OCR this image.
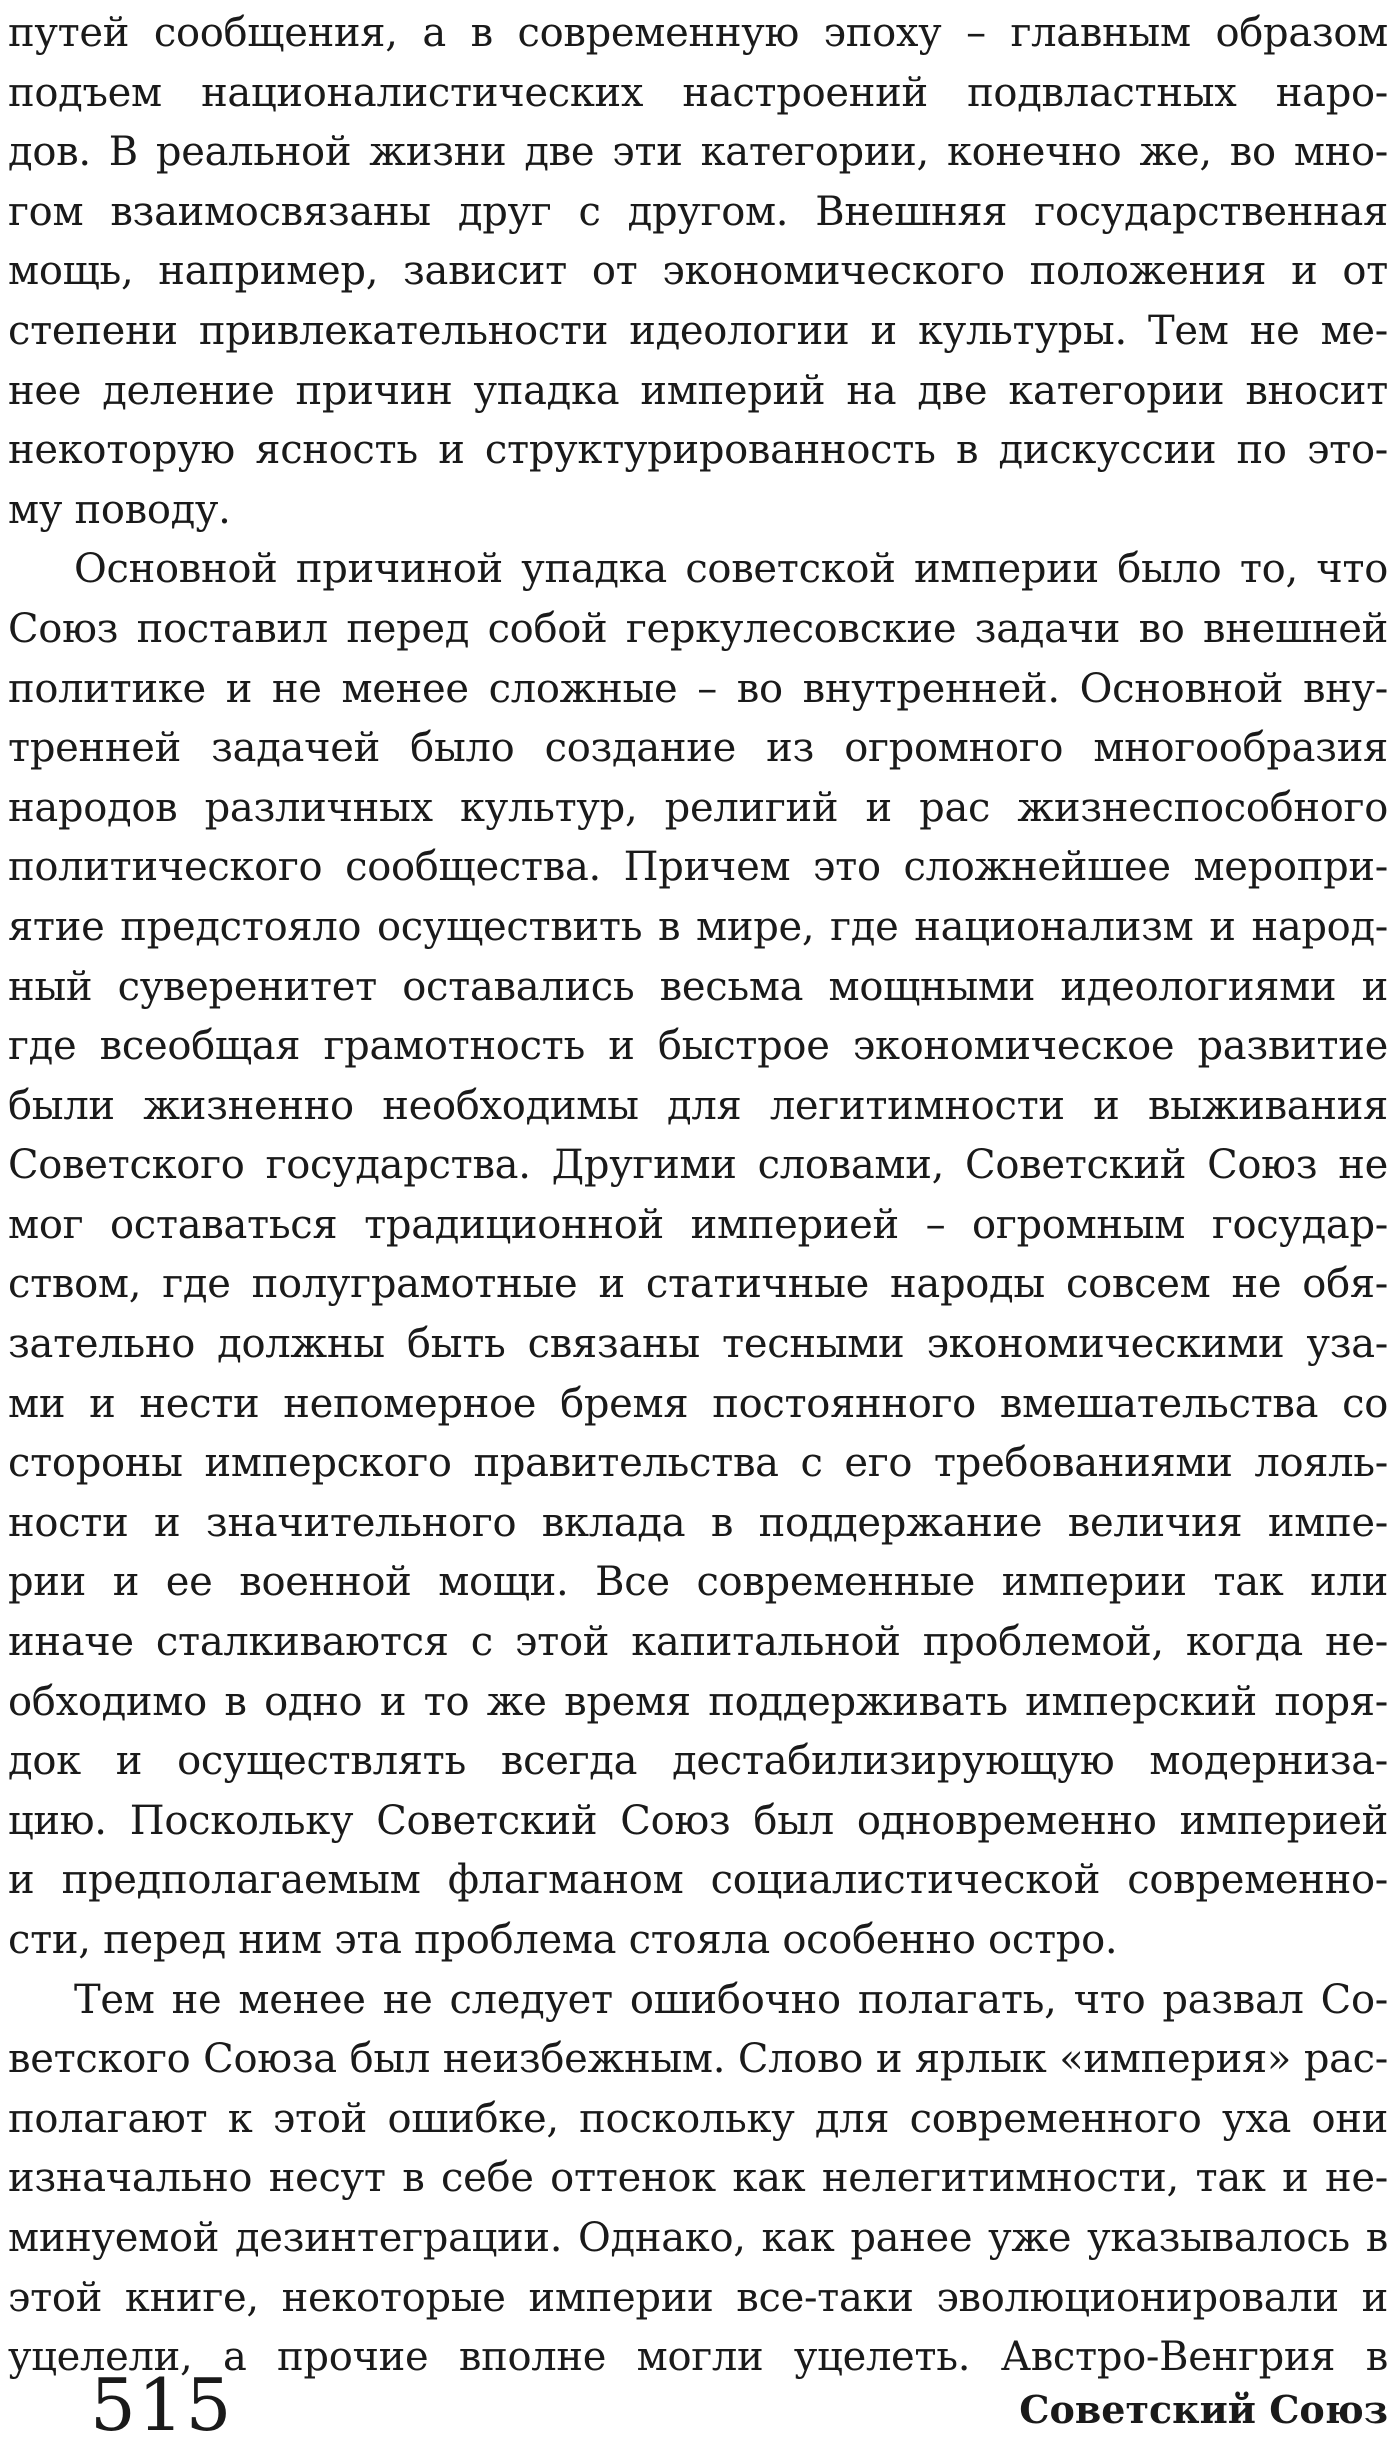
путей сообщения, а в современную эпоху – главным образом
подъем националистических настроений подвластных наро-
дов. В реальной жизни две эти категории, конечно же, во мно-
гом взаимосвязаны друг с другом. Внешняя государственная
мощь, например, зависит от экономического положения и от
степени привлекательности идеологии и культуры. Тем не ме-
нее деление причин упадка империй на две категории вносит
некоторую ясность и структурированность в дискуссии по это-
му поводу.
Основной причиной упадка советской империи было то, что
Союз поставил перед собой геркулесовские задачи во внешней
политике и не менее сложные – во внутренней. Основной вну-
тренней задачей было создание из огромного многообразия
народов различных культур, религий и рас жизнеспособного
политического сообщества. Причем это сложнейшее меропри-
ятие предстояло осуществить в мире, где национализм и народ-
ный суверенитет оставались весьма мощными идеологиями и
где всеобщая грамотность и быстрое экономическое развитие
были жизненно необходимы для легитимности и выживания
Советского государства. Другими словами, Советский Союз не
мог оставаться традиционной империей – огромным государ-
ством, где полуграмотные и статичные народы совсем не обя-
зательно должны быть связаны тесными экономическими уза-
ми и нести непомерное бремя постоянного вмешательства со
стороны имперского правительства с его требованиями лояль-
ности и значительного вклада в поддержание величия импе-
рии и ее военной мощи. Все современные империи так или
иначе сталкиваются с этой капитальной проблемой, когда не-
обходимо в одно и то же время поддерживать имперский поря-
док и осуществлять всегда дестабилизирующую модерниза-
цию. Поскольку Советский Союз был одновременно империей
и предполагаемым флагманом социалистической современно-
сти, перед ним эта проблема стояла особенно остро.
Тем не менее не следует ошибочно полагать, что развал Со-
ветского Союза был неизбежным. Слово и ярлык «империя» рас-
полагают к этой ошибке, поскольку для современного уха они
изначально несут в себе оттенок как нелегитимности, так и не-
минуемой дезинтеграции. Однако, как ранее уже указывалось в
этой книге, некоторые империи все-таки эволюционировали и
уцелели, а прочие вполне могли уцелеть. Австро-Венгрия в
515	Советский Союз
